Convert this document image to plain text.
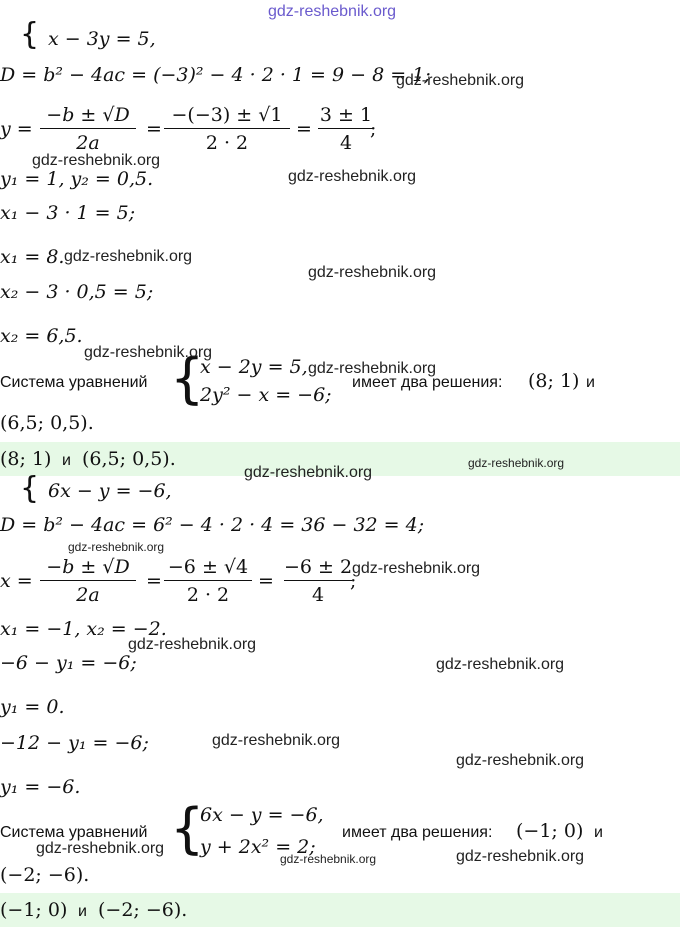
{ x − 3y = 5,
D = b² − 4ac = (−3)² − 4 · 2 · 1 = 9 − 8 = 1;
y =
−b ± √D
2a
=
−(−3) ± √1
2 · 2
=
3 ± 1
4
;
y₁ = 1, y₂ = 0,5.
x₁ − 3 · 1 = 5;
x₁ = 8.
x₂ − 3 · 0,5 = 5;
x₂ = 6,5.
Система уравнений {
x − 2y = 5,
2y² − x = −6;
имеет два решения: (8; 1) и
(6,5; 0,5).
(8; 1) и (6,5; 0,5).
{ 6x − y = −6,
D = b² − 4ac = 6² − 4 · 2 · 4 = 36 − 32 = 4;
x =
−b ± √D
2a
=
−6 ± √4
2 · 2
=
−6 ± 2
4
;
x₁ = −1, x₂ = −2.
−6 − y₁ = −6;
y₁ = 0.
−12 − y₁ = −6;
y₁ = −6.
Система уравнений {
6x − y = −6,
y + 2x² = 2;
имеет два решения: (−1; 0) и
(−2; −6).
(−1; 0) и (−2; −6).
gdz-reshebnik.org
gdz-reshebnik.org
gdz-reshebnik.org
gdz-reshebnik.org
gdz-reshebnik.org
gdz-reshebnik.org
gdz-reshebnik.org
gdz-reshebnik.org
gdz-reshebnik.org
gdz-reshebnik.org
gdz-reshebnik.org
gdz-reshebnik.org
gdz-reshebnik.org
gdz-reshebnik.org
gdz-reshebnik.org
gdz-reshebnik.org
gdz-reshebnik.org
gdz-reshebnik.org	gdz-reshebnik.org
